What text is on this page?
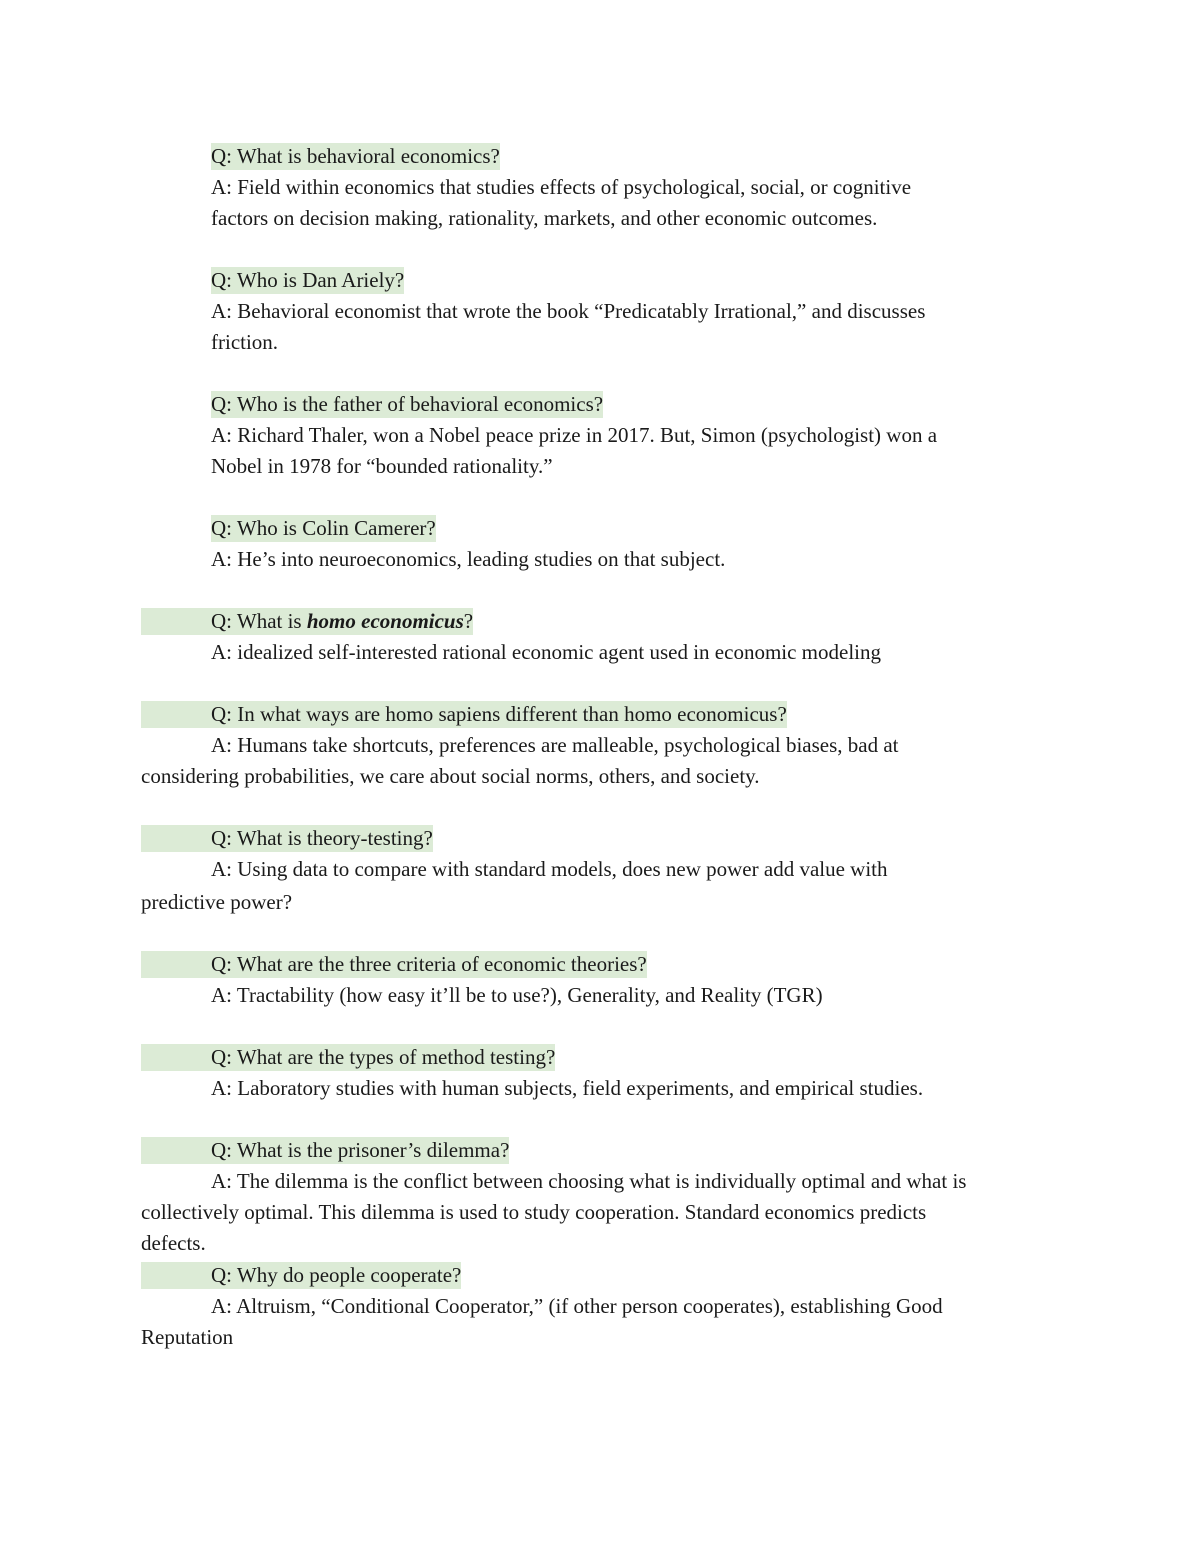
Q: What is behavioral economics?
A: Field within economics that studies effects of psychological, social, or cognitive
factors on decision making, rationality, markets, and other economic outcomes.
Q: Who is Dan Ariely?
A: Behavioral economist that wrote the book “Predicatably Irrational,” and discusses
friction.
Q: Who is the father of behavioral economics?
A: Richard Thaler, won a Nobel peace prize in 2017. But, Simon (psychologist) won a
Nobel in 1978 for “bounded rationality.”
Q: Who is Colin Camerer?
A: He’s into neuroeconomics, leading studies on that subject.
Q: What is homo economicus?
A: idealized self-interested rational economic agent used in economic modeling
Q: In what ways are homo sapiens different than homo economicus?
A: Humans take shortcuts, preferences are malleable, psychological biases, bad at
considering probabilities, we care about social norms, others, and society.
Q: What is theory-testing?
A: Using data to compare with standard models, does new power add value with
predictive power?
Q: What are the three criteria of economic theories?
A: Tractability (how easy it’ll be to use?), Generality, and Reality (TGR)
Q: What are the types of method testing?
A: Laboratory studies with human subjects, field experiments, and empirical studies.
Q: What is the prisoner’s dilemma?
A: The dilemma is the conflict between choosing what is individually optimal and what is
collectively optimal. This dilemma is used to study cooperation. Standard economics predicts
defects.
Q: Why do people cooperate?
A: Altruism, “Conditional Cooperator,” (if other person cooperates), establishing Good
Reputation
